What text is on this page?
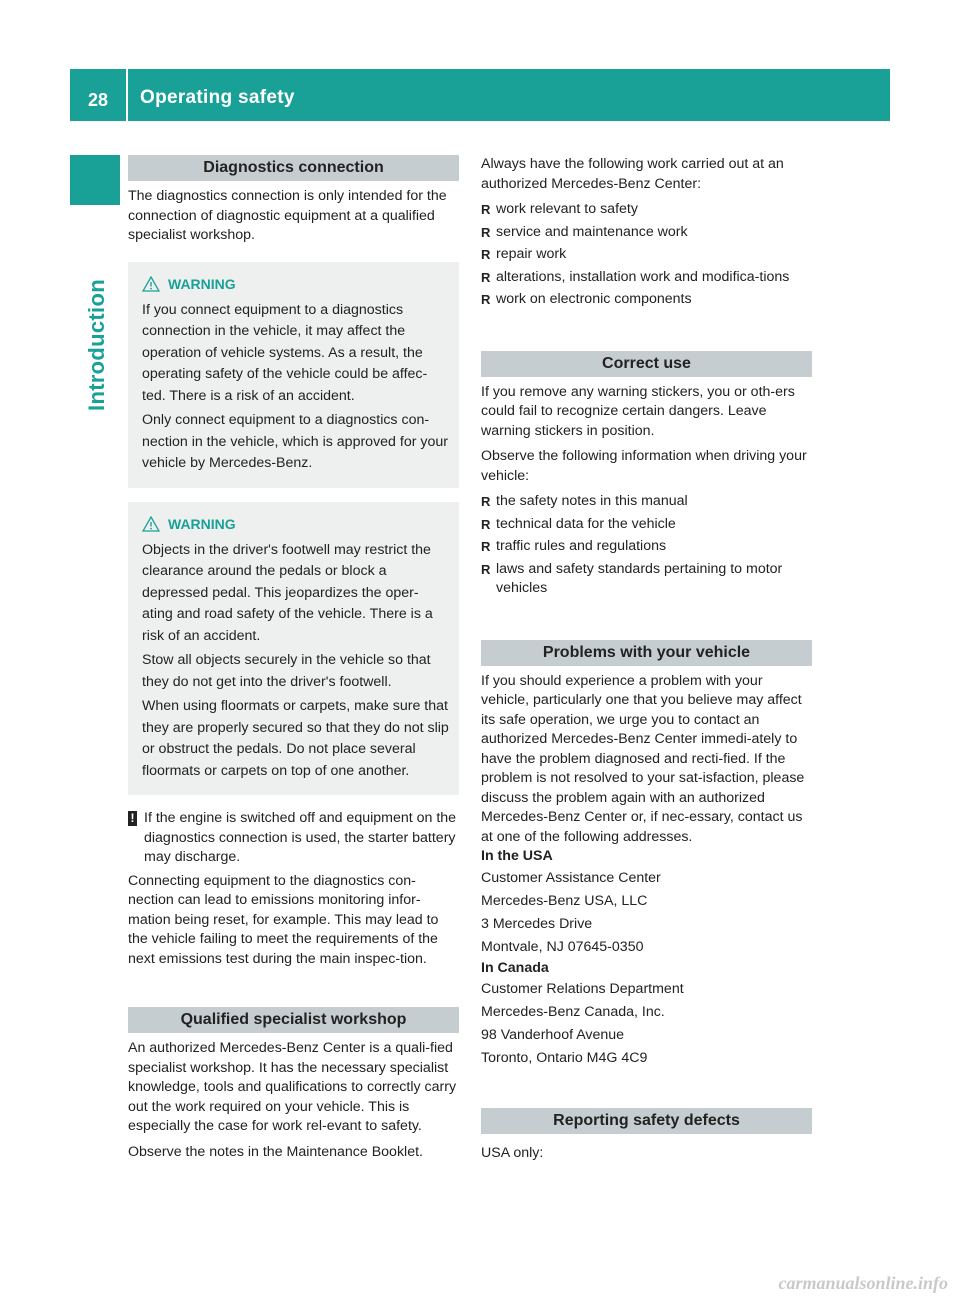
28	Operating safety
Introduction
Diagnostics connection

The diagnostics connection is only intended for the connection of diagnostic equipment at a qualified specialist workshop.

WARNING

If you connect equipment to a diagnostics connection in the vehicle, it may affect the operation of vehicle systems. As a result, the operating safety of the vehicle could be affec-ted. There is a risk of an accident.

Only connect equipment to a diagnostics con-nection in the vehicle, which is approved for your vehicle by Mercedes-Benz.

WARNING

Objects in the driver's footwell may restrict the clearance around the pedals or block a depressed pedal. This jeopardizes the oper-ating and road safety of the vehicle. There is a risk of an accident.

Stow all objects securely in the vehicle so that they do not get into the driver's footwell.

When using floormats or carpets, make sure that they are properly secured so that they do not slip or obstruct the pedals. Do not place several floormats or carpets on top of one another.

! If the engine is switched off and equipment on the diagnostics connection is used, the starter battery may discharge.

Connecting equipment to the diagnostics con-nection can lead to emissions monitoring infor-mation being reset, for example. This may lead to the vehicle failing to meet the requirements of the next emissions test during the main inspec-tion.

Qualified specialist workshop

An authorized Mercedes-Benz Center is a quali-fied specialist workshop. It has the necessary specialist knowledge, tools and qualifications to correctly carry out the work required on your vehicle. This is especially the case for work rel-evant to safety.

Observe the notes in the Maintenance Booklet.

Always have the following work carried out at an authorized Mercedes-Benz Center:

R work relevant to safety
R service and maintenance work
R repair work
R alterations, installation work and modifica-tions
R work on electronic components
Correct use

If you remove any warning stickers, you or oth-ers could fail to recognize certain dangers. Leave warning stickers in position.

Observe the following information when driving your vehicle:

R the safety notes in this manual
R technical data for the vehicle
R traffic rules and regulations
R laws and safety standards pertaining to motor vehicles
Problems with your vehicle

If you should experience a problem with your vehicle, particularly one that you believe may affect its safe operation, we urge you to contact an authorized Mercedes-Benz Center immedi-ately to have the problem diagnosed and recti-fied. If the problem is not resolved to your sat-isfaction, please discuss the problem again with an authorized Mercedes-Benz Center or, if nec-essary, contact us at one of the following addresses.

In the USA

Customer Assistance Center

Mercedes-Benz USA, LLC

3 Mercedes Drive

Montvale, NJ 07645-0350

In Canada

Customer Relations Department

Mercedes-Benz Canada, Inc.

98 Vanderhoof Avenue

Toronto, Ontario M4G 4C9

Reporting safety defects

USA only:

carmanualsonline.info
